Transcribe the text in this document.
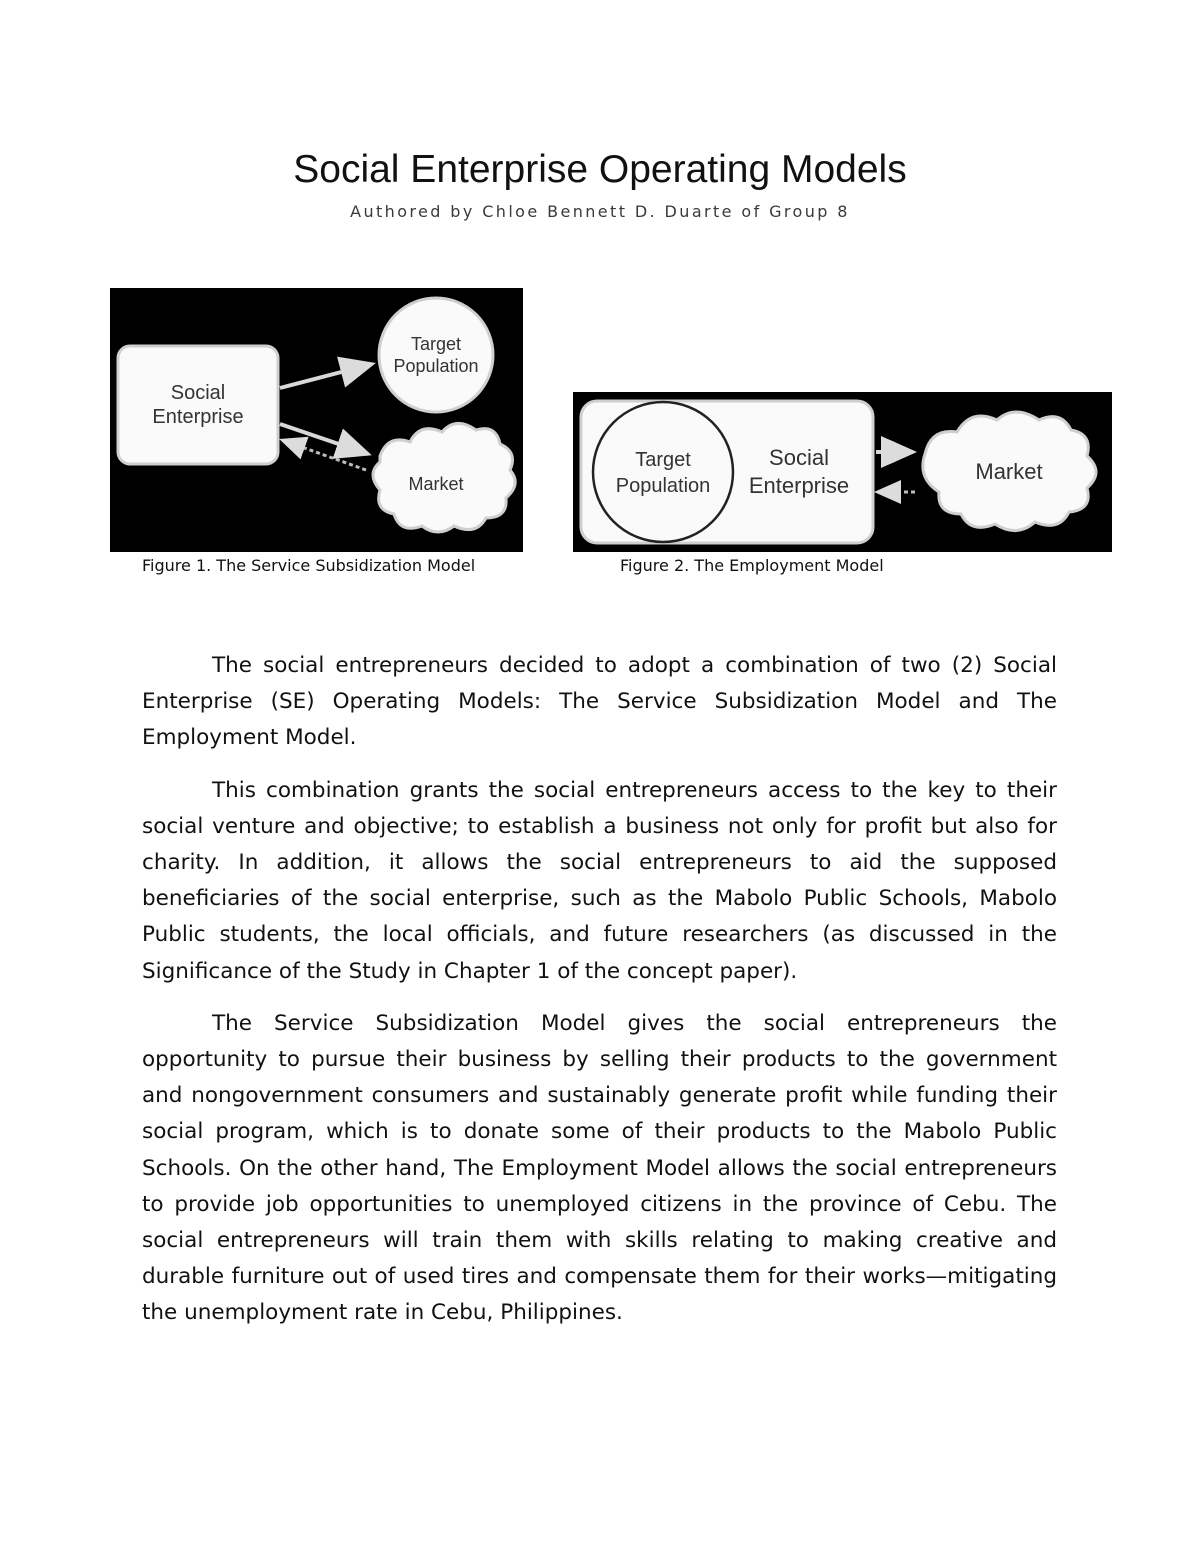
Social Enterprise Operating Models
Authored by Chloe Bennett D. Duarte of Group 8
Social
Enterprise
Target
Population
Market
Figure 1. The Service Subsidization Model
Target
Population
Social
Enterprise
Market
Figure 2. The Employment Model

The social entrepreneurs decided to adopt a combination of two (2) Social Enterprise (SE) Operating Models: The Service Subsidization Model and The Employment Model.

This combination grants the social entrepreneurs access to the key to their social venture and objective; to establish a business not only for profit but also for charity. In addition, it allows the social entrepreneurs to aid the supposed beneficiaries of the social enterprise, such as the Mabolo Public Schools, Mabolo Public students, the local officials, and future researchers (as discussed in the Significance of the Study in Chapter 1 of the concept paper).

The Service Subsidization Model gives the social entrepreneurs the opportunity to pursue their business by selling their products to the government and nongovernment consumers and sustainably generate profit while funding their social program, which is to donate some of their products to the Mabolo Public Schools. On the other hand, The Employment Model allows the social entrepreneurs to provide job opportunities to unemployed citizens in the province of Cebu. The social entrepreneurs will train them with skills relating to making creative and durable furniture out of used tires and compensate them for their works—mitigating the unemployment rate in Cebu, Philippines.
